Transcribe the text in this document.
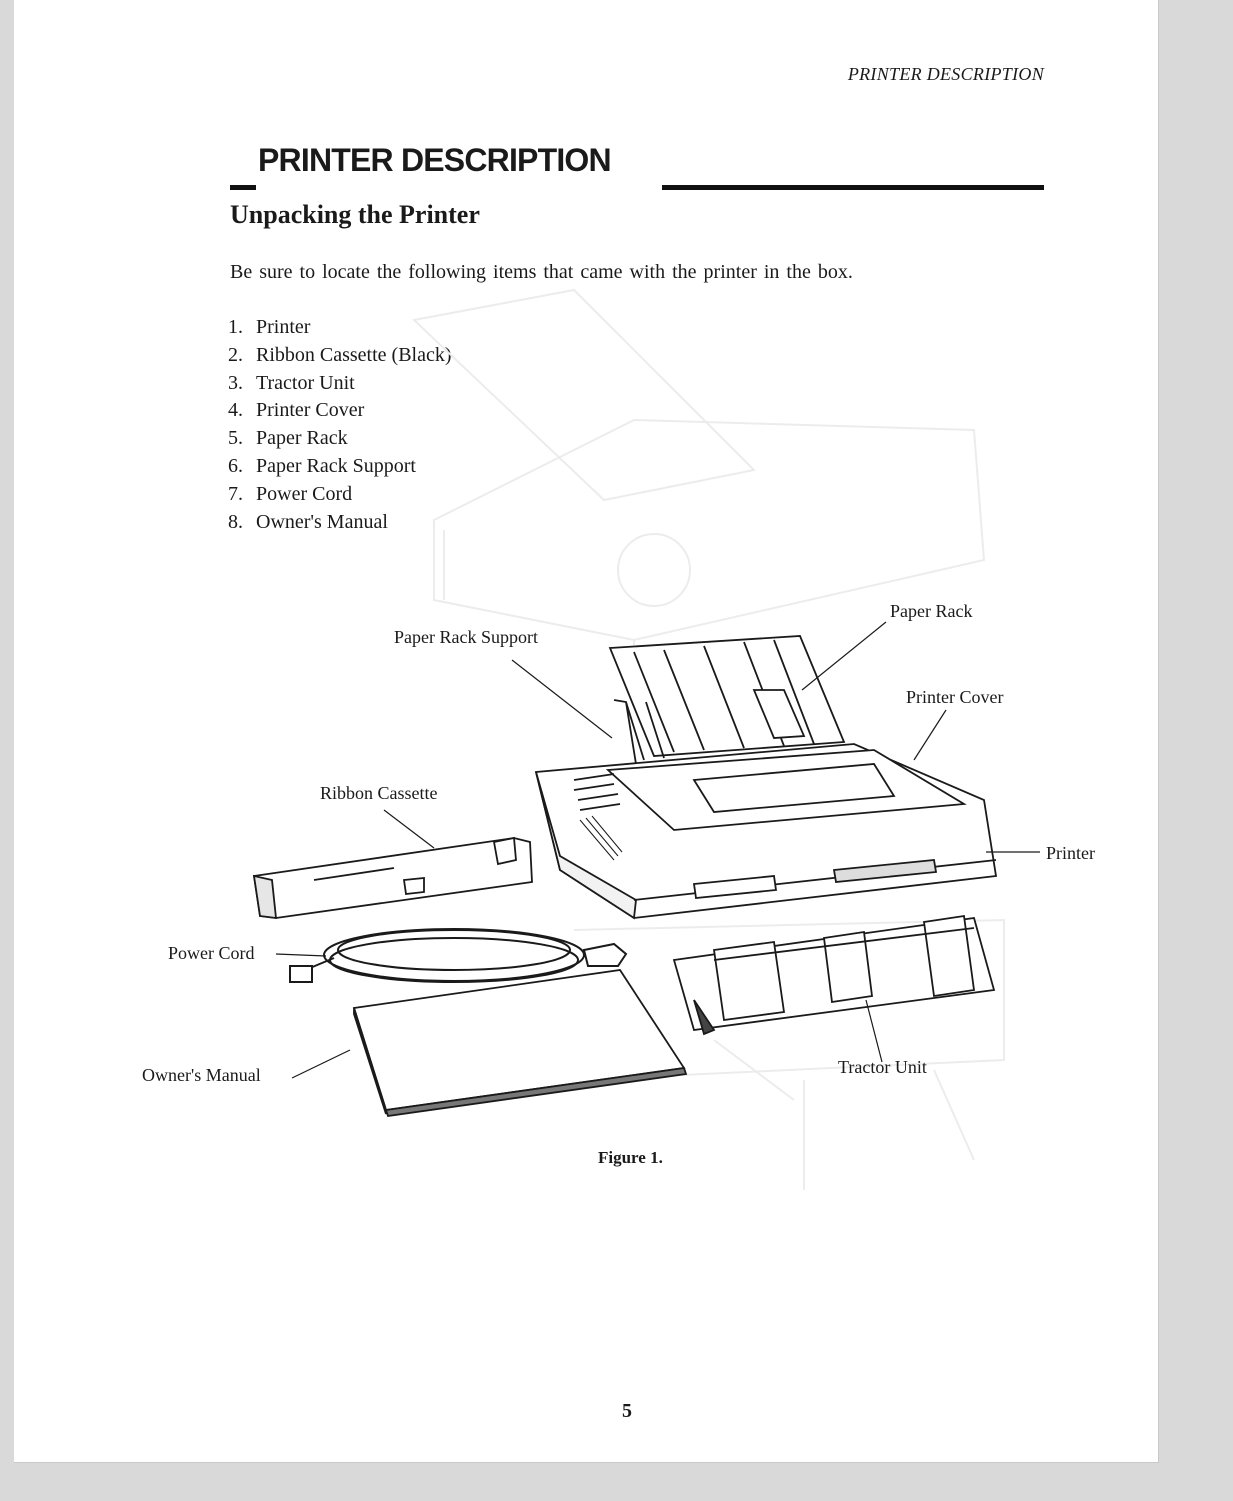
PRINTER DESCRIPTION
PRINTER DESCRIPTION
Unpacking the Printer
Be sure to locate the following items that came with the printer in the box.
1. Printer
2. Ribbon Cassette (Black)
3. Tractor Unit
4. Printer Cover
5. Paper Rack
6. Paper Rack Support
7. Power Cord
8. Owner's Manual
Paper Rack Support
Paper Rack
Printer Cover
Ribbon Cassette
Printer
Power Cord
Owner's Manual	Tractor Unit
Figure 1.
5
